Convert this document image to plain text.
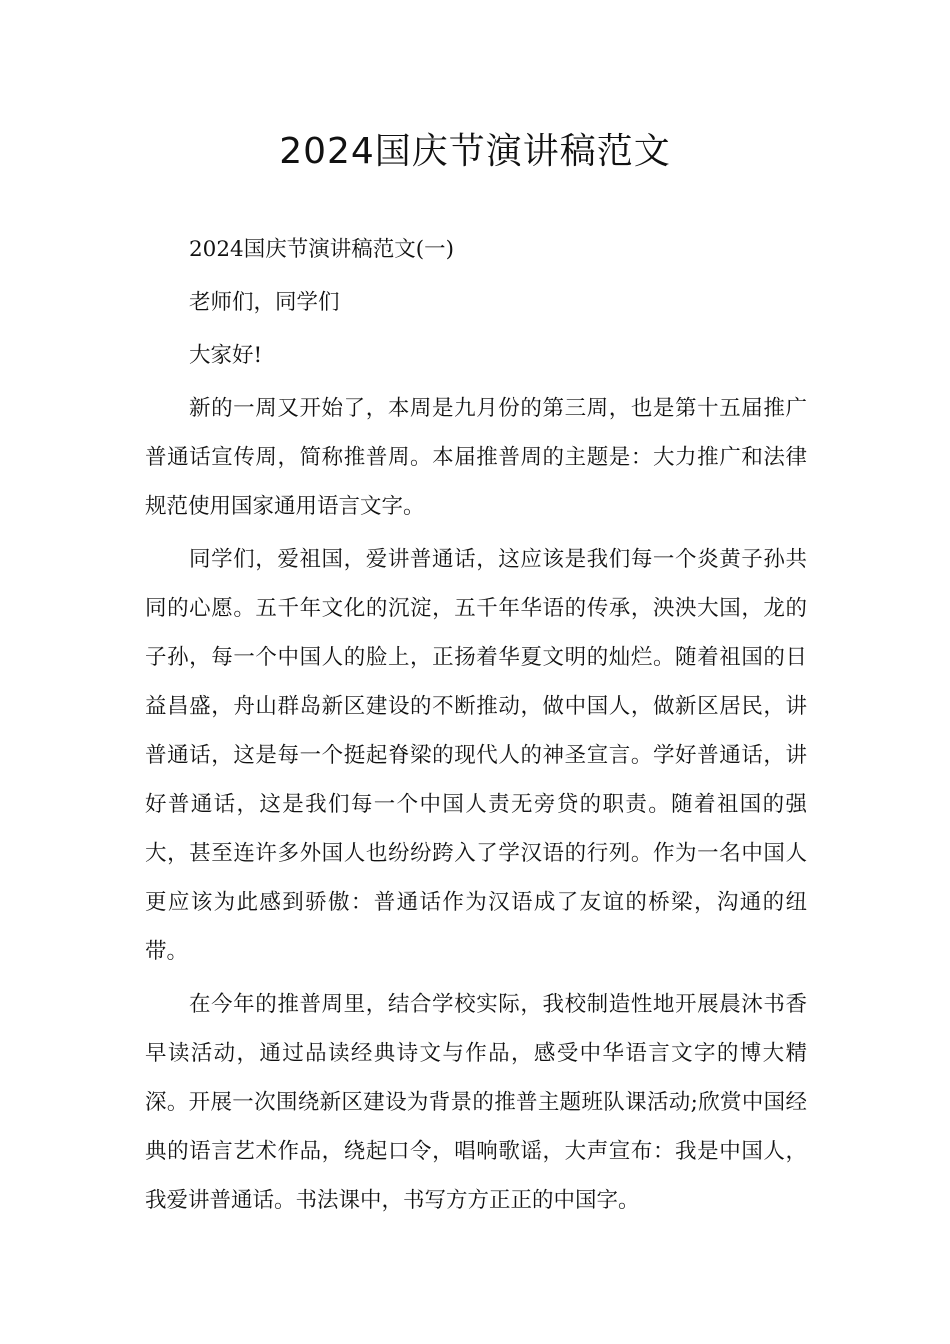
2024国庆节演讲稿范文

2024国庆节演讲稿范文(一)

老师们，同学们

大家好!

新的一周又开始了，本周是九月份的第三周，也是第十五届推广普通话宣传周，简称推普周。本届推普周的主题是：大力推广和法律规范使用国家通用语言文字。

同学们，爱祖国，爱讲普通话，这应该是我们每一个炎黄子孙共同的心愿。五千年文化的沉淀，五千年华语的传承，泱泱大国，龙的子孙，每一个中国人的脸上，正扬着华夏文明的灿烂。随着祖国的日益昌盛，舟山群岛新区建设的不断推动，做中国人，做新区居民，讲普通话，这是每一个挺起脊梁的现代人的神圣宣言。学好普通话，讲好普通话，这是我们每一个中国人责无旁贷的职责。随着祖国的强大，甚至连许多外国人也纷纷跨入了学汉语的行列。作为一名中国人更应该为此感到骄傲：普通话作为汉语成了友谊的桥梁，沟通的纽带。

在今年的推普周里，结合学校实际，我校制造性地开展晨沐书香早读活动，通过品读经典诗文与作品，感受中华语言文字的博大精深。开展一次围绕新区建设为背景的推普主题班队课活动;欣赏中国经典的语言艺术作品，绕起口令，唱响歌谣，大声宣布：我是中国人，我爱讲普通话。书法课中，书写方方正正的中国字。
